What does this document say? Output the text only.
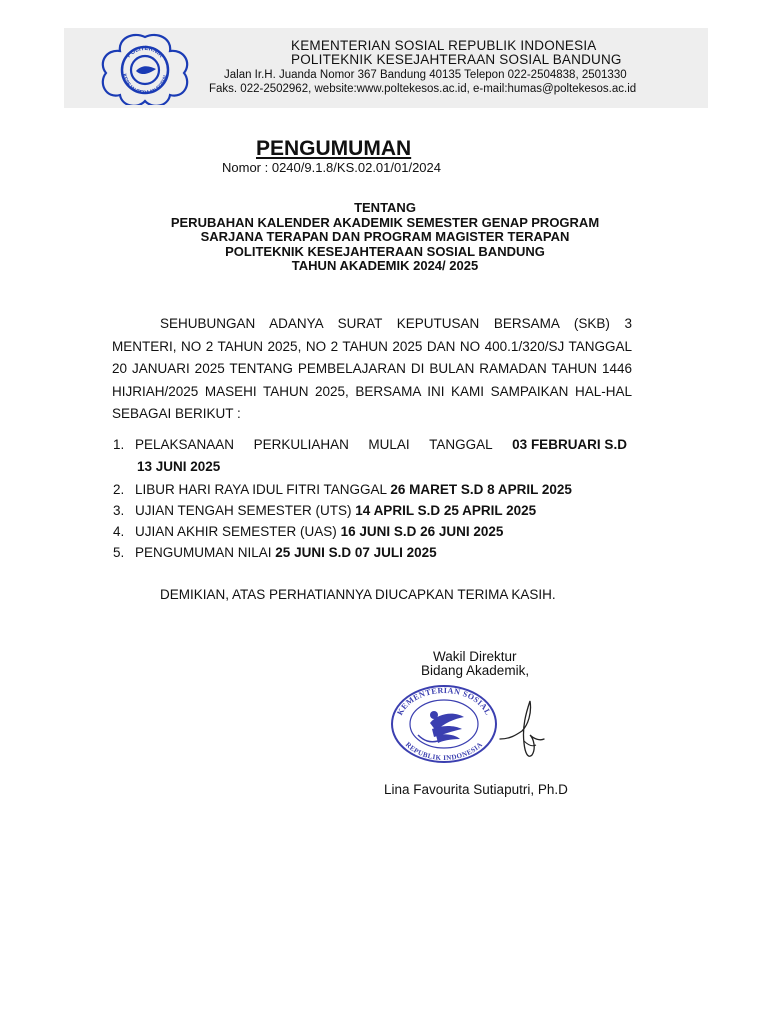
POLITEKNIK
KESEJAHTERAAN SOSIAL
KEMENTERIAN SOSIAL REPUBLIK INDONESIA
POLITEKNIK KESEJAHTERAAN SOSIAL BANDUNG
Jalan Ir.H. Juanda Nomor 367 Bandung 40135 Telepon 022-2504838, 2501330
Faks. 022-2502962, website:www.poltekesos.ac.id, e-mail:humas@poltekesos.ac.id
PENGUMUMAN
Nomor : 0240/9.1.8/KS.02.01/01/2024
TENTANG
PERUBAHAN KALENDER AKADEMIK SEMESTER GENAP PROGRAM
SARJANA TERAPAN DAN PROGRAM MAGISTER TERAPAN
POLITEKNIK KESEJAHTERAAN SOSIAL BANDUNG
TAHUN AKADEMIK 2024/ 2025
SEHUBUNGAN ADANYA SURAT KEPUTUSAN BERSAMA (SKB) 3 MENTERI, NO 2 TAHUN 2025, NO 2 TAHUN 2025 DAN NO 400.1/320/SJ TANGGAL 20 JANUARI 2025 TENTANG PEMBELAJARAN DI BULAN RAMADAN TAHUN 1446 HIJRIAH/2025 MASEHI TAHUN 2025, BERSAMA INI KAMI SAMPAIKAN HAL-HAL SEBAGAI BERIKUT :
1. PELAKSANAAN PERKULIAHAN MULAI TANGGAL 03 FEBRUARI S.D
13 JUNI 2025
2. LIBUR HARI RAYA IDUL FITRI TANGGAL 26 MARET S.D 8 APRIL 2025
3. UJIAN TENGAH SEMESTER (UTS) 14 APRIL S.D 25 APRIL 2025
4. UJIAN AKHIR SEMESTER (UAS) 16 JUNI S.D 26 JUNI 2025
5. PENGUMUMAN NILAI 25 JUNI S.D 07 JULI 2025
DEMIKIAN, ATAS PERHATIANNYA DIUCAPKAN TERIMA KASIH.
Wakil Direktur
Bidang Akademik,
KEMENTERIAN SOSIAL
REPUBLIK INDONESIA
Lina Favourita Sutiaputri, Ph.D
